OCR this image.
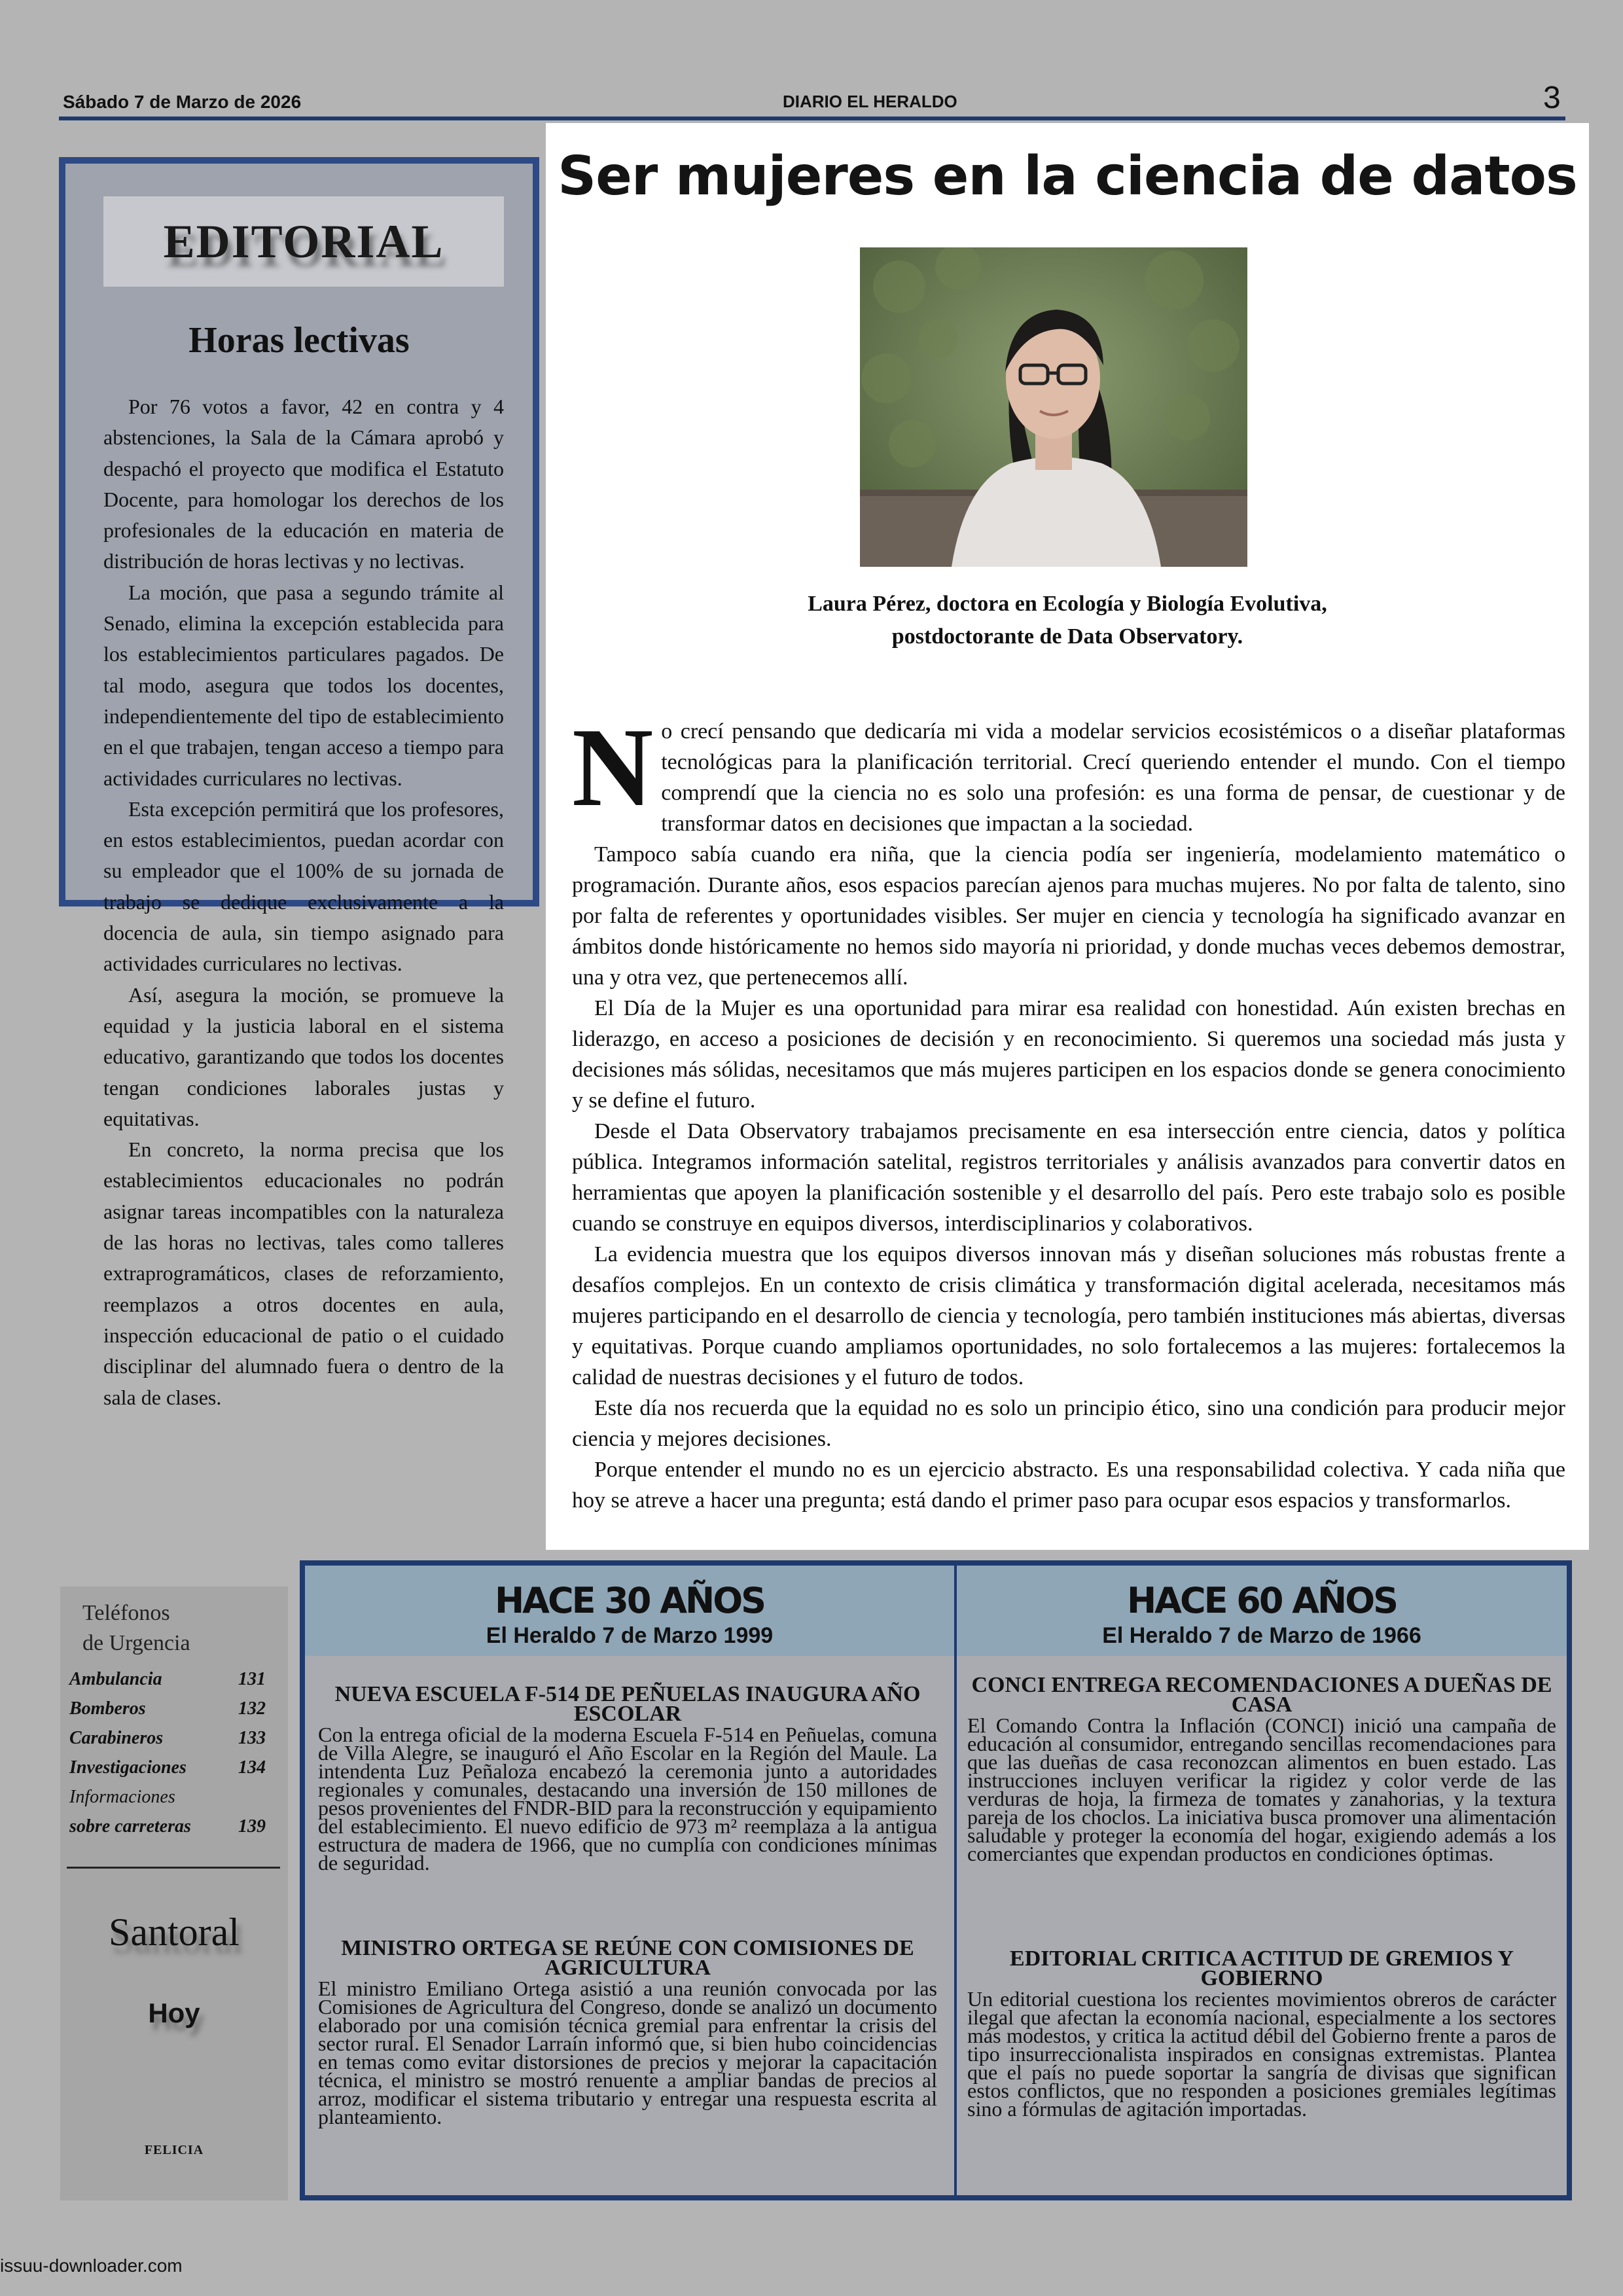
Sábado 7 de Marzo de 2026	DIARIO EL HERALDO	3
EDITORIAL
Horas lectivas

Por 76 votos a favor, 42 en contra y 4 abstenciones, la Sala de la Cámara aprobó y despachó el proyecto que modifica el Estatuto Docente, para homologar los derechos de los profesionales de la educación en materia de distribución de horas lectivas y no lectivas.

La moción, que pasa a segundo trámite al Senado, elimina la excepción establecida para los establecimientos particulares pagados. De tal modo, asegura que todos los docentes, independientemente del tipo de establecimiento en el que trabajen, tengan acceso a tiempo para actividades curriculares no lectivas.

Esta excepción permitirá que los profesores, en estos establecimientos, puedan acordar con su empleador que el 100% de su jornada de trabajo se dedique exclusivamente a la docencia de aula, sin tiempo asignado para actividades curriculares no lectivas.

Así, asegura la moción, se promueve la equidad y la justicia laboral en el sistema educativo, garantizando que todos los docentes tengan condiciones laborales justas y equitativas.

En concreto, la norma precisa que los establecimientos educacionales no podrán asignar tareas incompatibles con la naturaleza de las horas no lectivas, tales como talleres extraprogramáticos, clases de reforzamiento, reemplazos a otros docentes en aula, inspección educacional de patio o el cuidado disciplinar del alumnado fuera o dentro de la sala de clases.

Ser mujeres en la ciencia de datos
Laura Pérez, doctora en Ecología y Biología Evolutiva,
postdoctorante de Data Observatory.

No crecí pensando que dedicaría mi vida a modelar servicios ecosistémicos o a diseñar plataformas tecnológicas para la planificación territorial. Crecí queriendo entender el mundo. Con el tiempo comprendí que la ciencia no es solo una profesión: es una forma de pensar, de cuestionar y de transformar datos en decisiones que impactan a la sociedad.

Tampoco sabía cuando era niña, que la ciencia podía ser ingeniería, modelamiento matemático o programación. Durante años, esos espacios parecían ajenos para muchas mujeres. No por falta de talento, sino por falta de referentes y oportunidades visibles. Ser mujer en ciencia y tecnología ha significado avanzar en ámbitos donde históricamente no hemos sido mayoría ni prioridad, y donde muchas veces debemos demostrar, una y otra vez, que pertenecemos allí.

El Día de la Mujer es una oportunidad para mirar esa realidad con honestidad. Aún existen brechas en liderazgo, en acceso a posiciones de decisión y en reconocimiento. Si queremos una sociedad más justa y decisiones más sólidas, necesitamos que más mujeres participen en los espacios donde se genera conocimiento y se define el futuro.

Desde el Data Observatory trabajamos precisamente en esa intersección entre ciencia, datos y política pública. Integramos información satelital, registros territoriales y análisis avanzados para convertir datos en herramientas que apoyen la planificación sostenible y el desarrollo del país. Pero este trabajo solo es posible cuando se construye en equipos diversos, interdisciplinarios y colaborativos.

La evidencia muestra que los equipos diversos innovan más y diseñan soluciones más robustas frente a desafíos complejos. En un contexto de crisis climática y transformación digital acelerada, necesitamos más mujeres participando en el desarrollo de ciencia y tecnología, pero también instituciones más abiertas, diversas y equitativas. Porque cuando ampliamos oportunidades, no solo fortalecemos a las mujeres: fortalecemos la calidad de nuestras decisiones y el futuro de todos.

Este día nos recuerda que la equidad no es solo un principio ético, sino una condición para producir mejor ciencia y mejores decisiones.

Porque entender el mundo no es un ejercicio abstracto. Es una responsabilidad colectiva. Y cada niña que hoy se atreve a hacer una pregunta; está dando el primer paso para ocupar esos espacios y transformarlos.

Teléfonos
de Urgencia
Ambulancia	131
Bomberos	132
Carabineros	133
Investigaciones	134
Informaciones
sobre carreteras	139
Santoral
Hoy
FELICIA
HACE 30 AÑOS
El Heraldo 7 de Marzo 1999
HACE 60 AÑOS
El Heraldo 7 de Marzo de 1966
NUEVA ESCUELA F-514 DE PEÑUELAS INAUGURA AÑO ESCOLAR

Con la entrega oficial de la moderna Escuela F-514 en Peñuelas, comuna de Villa Alegre, se inauguró el Año Escolar en la Región del Maule. La intendenta Luz Peñaloza encabezó la ceremonia junto a autoridades regionales y comunales, destacando una inversión de 150 millones de pesos provenientes del FNDR-BID para la reconstrucción y equipamiento del establecimiento. El nuevo edificio de 973 m² reemplaza a la antigua estructura de madera de 1966, que no cumplía con condiciones mínimas de seguridad.

MINISTRO ORTEGA SE REÚNE CON COMISIONES DE AGRICULTURA

El ministro Emiliano Ortega asistió a una reunión convocada por las Comisiones de Agricultura del Congreso, donde se analizó un documento elaborado por una comisión técnica gremial para enfrentar la crisis del sector rural. El Senador Larraín informó que, si bien hubo coincidencias en temas como evitar distorsiones de precios y mejorar la capacitación técnica, el ministro se mostró renuente a ampliar bandas de precios al arroz, modificar el sistema tributario y entregar una respuesta escrita al planteamiento.

CONCI ENTREGA RECOMENDACIONES A DUEÑAS DE CASA

El Comando Contra la Inflación (CONCI) inició una campaña de educación al consumidor, entregando sencillas recomendaciones para que las dueñas de casa reconozcan alimentos en buen estado. Las instrucciones incluyen verificar la rigidez y color verde de las verduras de hoja, la firmeza de tomates y zanahorias, y la textura pareja de los choclos. La iniciativa busca promover una alimentación saludable y proteger la economía del hogar, exigiendo además a los comerciantes que expendan productos en condiciones óptimas.

EDITORIAL CRITICA ACTITUD DE GREMIOS Y GOBIERNO

Un editorial cuestiona los recientes movimientos obreros de carácter ilegal que afectan la economía nacional, especialmente a los sectores más modestos, y critica la actitud débil del Gobierno frente a paros de tipo insurreccionalista inspirados en consignas extremistas. Plantea que el país no puede soportar la sangría de divisas que significan estos conflictos, que no responden a posiciones gremiales legítimas sino a fórmulas de agitación importadas.

issuu-downloader.com
